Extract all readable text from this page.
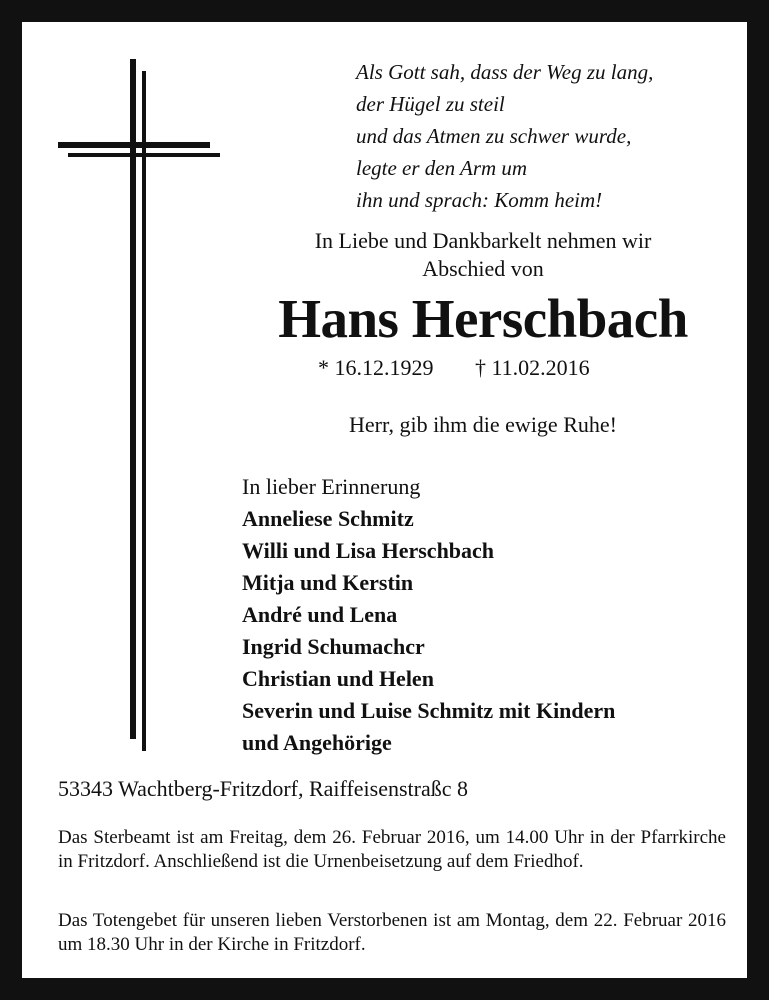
Als Gott sah, dass der Weg zu lang,
der Hügel zu steil
und das Atmen zu schwer wurde,
legte er den Arm um
ihn und sprach: Komm heim!
In Liebe und Dankbarkelt nehmen wir
Abschied von
Hans Herschbach
* 16.12.1929 † 11.02.2016
Herr, gib ihm die ewige Ruhe!
In lieber Erinnerung
Anneliese Schmitz
Willi und Lisa Herschbach
Mitja und Kerstin
André und Lena
Ingrid Schumachcr
Christian und Helen
Severin und Luise Schmitz mit Kindern
und Angehörige
53343 Wachtberg-Fritzdorf, Raiffeisenstraßc 8
Das Sterbeamt ist am Freitag, dem 26. Februar 2016, um 14.00 Uhr in der Pfarrkirche in Fritzdorf. Anschließend ist die Urnenbeisetzung auf dem Friedhof.
Das Totengebet für unseren lieben Verstorbenen ist am Montag, dem 22. Februar 2016 um 18.30 Uhr in der Kirche in Fritzdorf.
